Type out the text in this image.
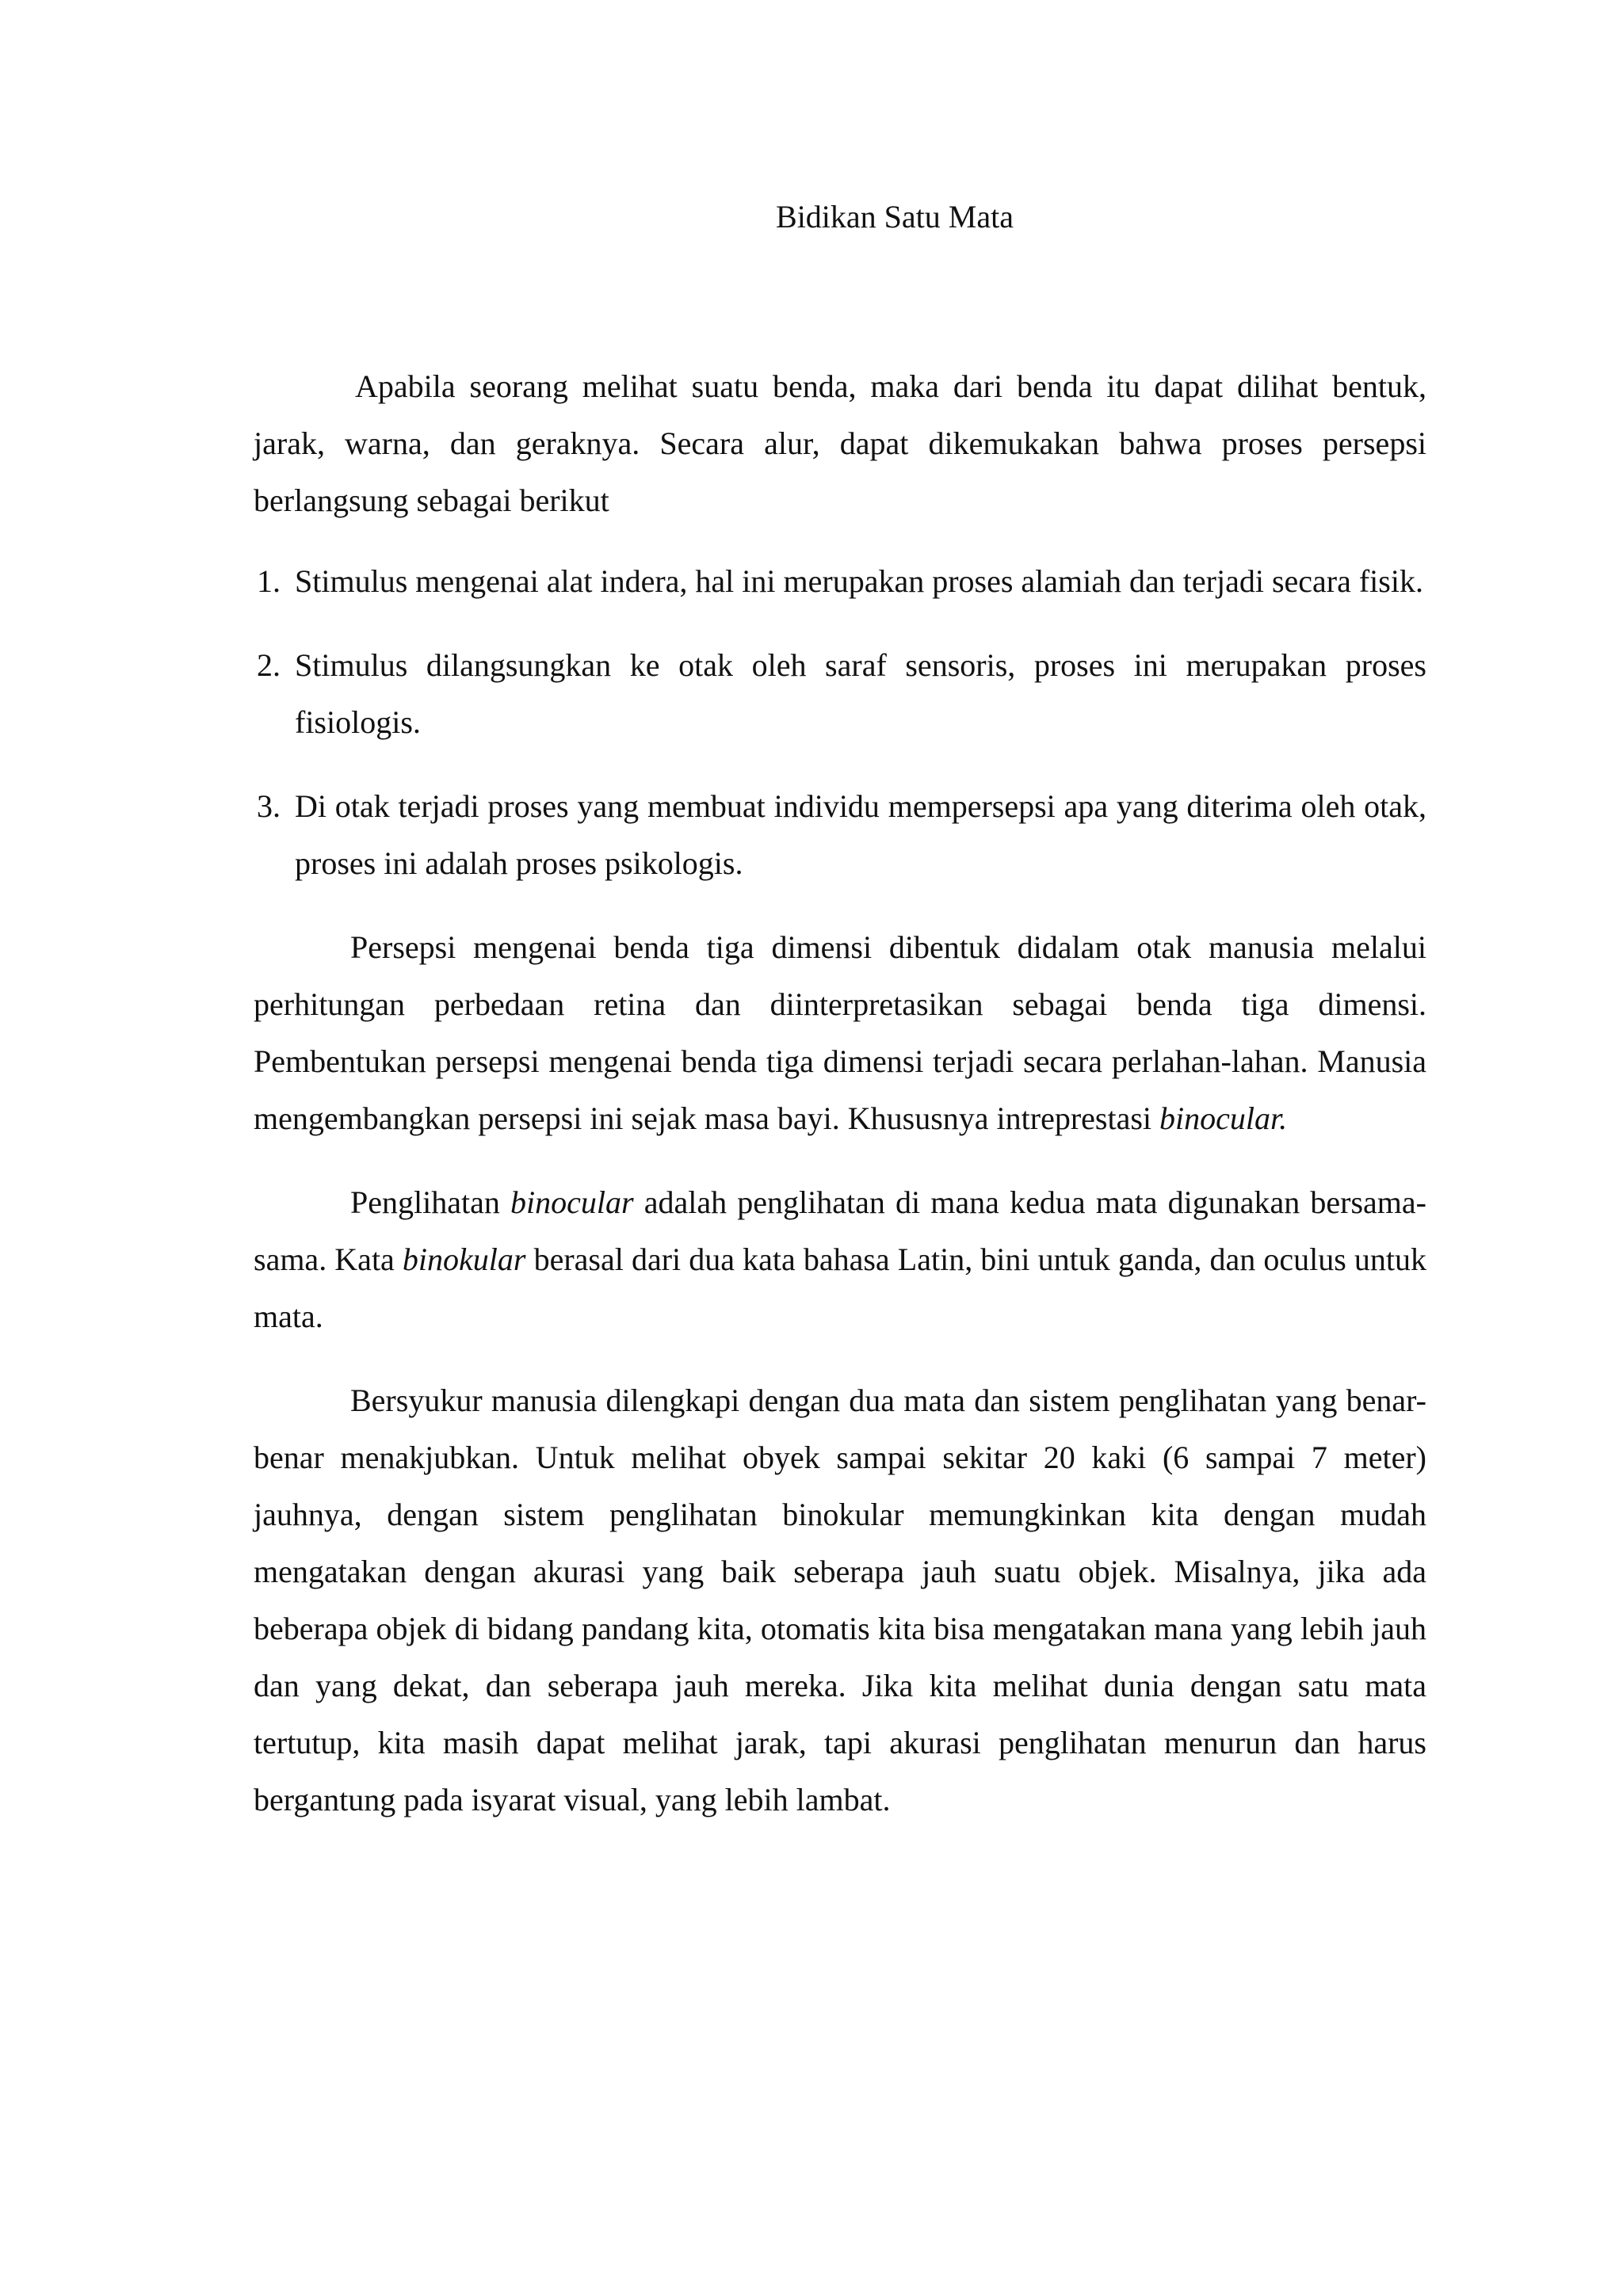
Bidikan Satu Mata

Apabila seorang melihat suatu benda, maka dari benda itu dapat dilihat bentuk, jarak, warna, dan geraknya. Secara alur, dapat dikemukakan bahwa proses persepsi berlangsung sebagai berikut

1. Stimulus mengenai alat indera, hal ini merupakan proses alamiah dan terjadi secara fisik.
2. Stimulus dilangsungkan ke otak oleh saraf sensoris, proses ini merupakan proses fisiologis.
3. Di otak terjadi proses yang membuat individu mempersepsi apa yang diterima oleh otak, proses ini adalah proses psikologis.

Persepsi mengenai benda tiga dimensi dibentuk didalam otak manusia melalui perhitungan perbedaan retina dan diinterpretasikan sebagai benda tiga dimensi. Pembentukan persepsi mengenai benda tiga dimensi terjadi secara perlahan-lahan. Manusia mengembangkan persepsi ini sejak masa bayi. Khususnya intreprestasi binocular.

Penglihatan binocular adalah penglihatan di mana kedua mata digunakan bersama-sama. Kata binokular berasal dari dua kata bahasa Latin, bini untuk ganda, dan oculus untuk mata.

Bersyukur manusia dilengkapi dengan dua mata dan sistem penglihatan yang benar-benar menakjubkan. Untuk melihat obyek sampai sekitar 20 kaki (6 sampai 7 meter) jauhnya, dengan sistem penglihatan binokular memungkinkan kita dengan mudah mengatakan dengan akurasi yang baik seberapa jauh suatu objek. Misalnya, jika ada beberapa objek di bidang pandang kita, otomatis kita bisa mengatakan mana yang lebih jauh dan yang dekat, dan seberapa jauh mereka. Jika kita melihat dunia dengan satu mata tertutup, kita masih dapat melihat jarak, tapi akurasi penglihatan menurun dan harus bergantung pada isyarat visual, yang lebih lambat.
